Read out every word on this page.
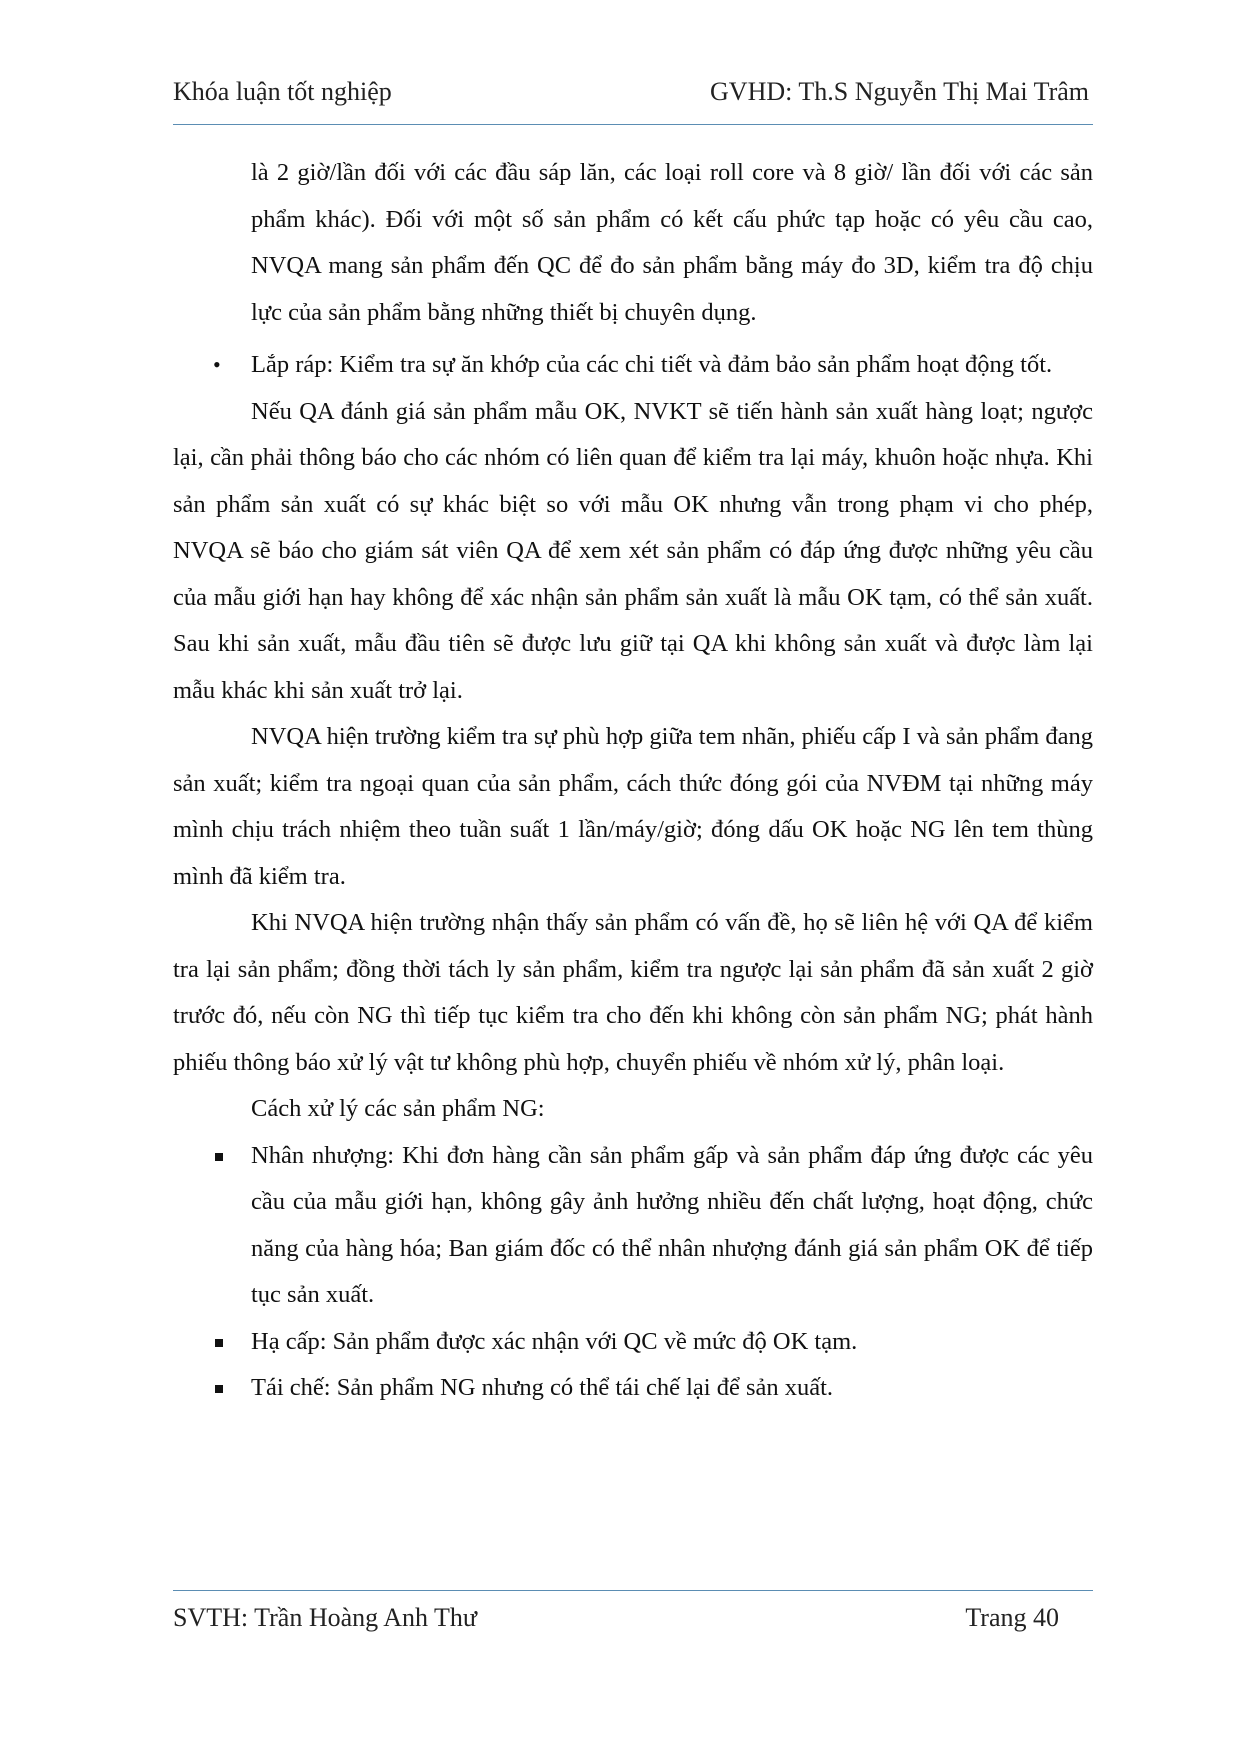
Khóa luận tốt nghiệp	GVHD: Th.S Nguyễn Thị Mai Trâm

là 2 giờ/lần đối với các đầu sáp lăn, các loại roll core và 8 giờ/ lần đối với các sản phẩm khác). Đối với một số sản phẩm có kết cấu phức tạp hoặc có yêu cầu cao, NVQA mang sản phẩm đến QC để đo sản phẩm bằng máy đo 3D, kiểm tra độ chịu lực của sản phẩm bằng những thiết bị chuyên dụng.

•
Lắp ráp: Kiểm tra sự ăn khớp của các chi tiết và đảm bảo sản phẩm hoạt động tốt.

Nếu QA đánh giá sản phẩm mẫu OK, NVKT sẽ tiến hành sản xuất hàng loạt; ngược lại, cần phải thông báo cho các nhóm có liên quan để kiểm tra lại máy, khuôn hoặc nhựa. Khi sản phẩm sản xuất có sự khác biệt so với mẫu OK nhưng vẫn trong phạm vi cho phép, NVQA sẽ báo cho giám sát viên QA để xem xét sản phẩm có đáp ứng được những yêu cầu của mẫu giới hạn hay không để xác nhận sản phẩm sản xuất là mẫu OK tạm, có thể sản xuất. Sau khi sản xuất, mẫu đầu tiên sẽ được lưu giữ tại QA khi không sản xuất và được làm lại mẫu khác khi sản xuất trở lại.

NVQA hiện trường kiểm tra sự phù hợp giữa tem nhãn, phiếu cấp I và sản phẩm đang sản xuất; kiểm tra ngoại quan của sản phẩm, cách thức đóng gói của NVĐM tại những máy mình chịu trách nhiệm theo tuần suất 1 lần/máy/giờ; đóng dấu OK hoặc NG lên tem thùng mình đã kiểm tra.

Khi NVQA hiện trường nhận thấy sản phẩm có vấn đề, họ sẽ liên hệ với QA để kiểm tra lại sản phẩm; đồng thời tách ly sản phẩm, kiểm tra ngược lại sản phẩm đã sản xuất 2 giờ trước đó, nếu còn NG thì tiếp tục kiểm tra cho đến khi không còn sản phẩm NG; phát hành phiếu thông báo xử lý vật tư không phù hợp, chuyển phiếu về nhóm xử lý, phân loại.

Cách xử lý các sản phẩm NG:

Nhân nhượng: Khi đơn hàng cần sản phẩm gấp và sản phẩm đáp ứng được các yêu cầu của mẫu giới hạn, không gây ảnh hưởng nhiều đến chất lượng, hoạt động, chức năng của hàng hóa; Ban giám đốc có thể nhân nhượng đánh giá sản phẩm OK để tiếp tục sản xuất.
Hạ cấp: Sản phẩm được xác nhận với QC về mức độ OK tạm.
Tái chế: Sản phẩm NG nhưng có thể tái chế lại để sản xuất.
SVTH: Trần Hoàng Anh Thư	Trang 40
